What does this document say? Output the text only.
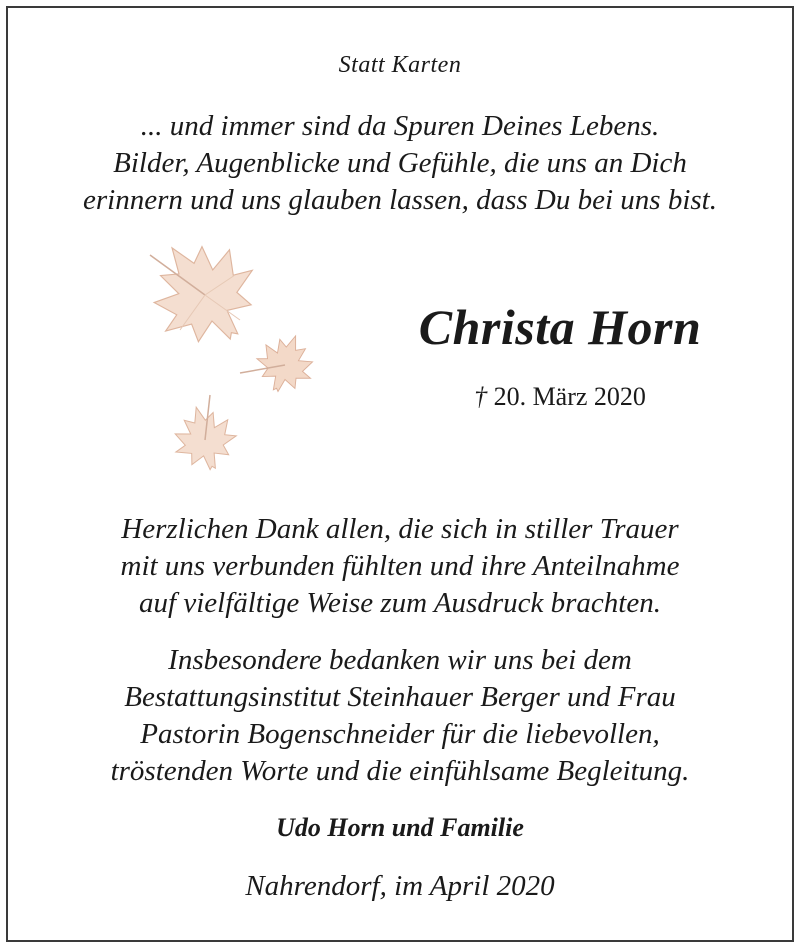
Statt Karten
... und immer sind da Spuren Deines Lebens.
Bilder, Augenblicke und Gefühle, die uns an Dich
erinnern und uns glauben lassen, dass Du bei uns bist.
Christa Horn
† 20. März 2020
Herzlichen Dank allen, die sich in stiller Trauer
mit uns verbunden fühlten und ihre Anteilnahme
auf vielfältige Weise zum Ausdruck brachten.
Insbesondere bedanken wir uns bei dem
Bestattungsinstitut Steinhauer Berger und Frau
Pastorin Bogenschneider für die liebevollen,
tröstenden Worte und die einfühlsame Begleitung.
Udo Horn und Familie
Nahrendorf, im April 2020
